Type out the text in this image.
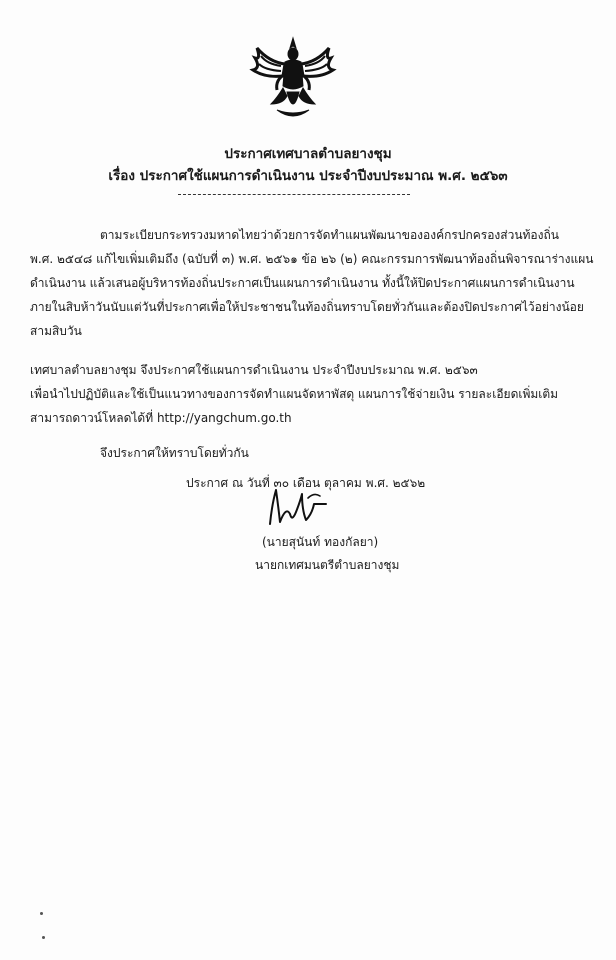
ประกาศเทศบาลตำบลยางชุม
เรื่อง ประกาศใช้แผนการดำเนินงาน ประจำปีงบประมาณ พ.ศ. ๒๕๖๓
ตามระเบียบกระทรวงมหาดไทยว่าด้วยการจัดทำแผนพัฒนาขององค์กรปกครองส่วนท้องถิ่น
พ.ศ. ๒๕๔๘ แก้ไขเพิ่มเติมถึง (ฉบับที่ ๓) พ.ศ. ๒๕๖๑ ข้อ ๒๖ (๒) คณะกรรมการพัฒนาท้องถิ่นพิจารณาร่างแผน
ดำเนินงาน แล้วเสนอผู้บริหารท้องถิ่นประกาศเป็นแผนการดำเนินงาน ทั้งนี้ให้ปิดประกาศแผนการดำเนินงาน
ภายในสิบห้าวันนับแต่วันที่ประกาศเพื่อให้ประชาชนในท้องถิ่นทราบโดยทั่วกันและต้องปิดประกาศไว้อย่างน้อย
สามสิบวัน
เทศบาลตำบลยางชุม จึงประกาศใช้แผนการดำเนินงาน ประจำปีงบประมาณ พ.ศ. ๒๕๖๓
เพื่อนำไปปฏิบัติและใช้เป็นแนวทางของการจัดทำแผนจัดหาพัสดุ แผนการใช้จ่ายเงิน รายละเอียดเพิ่มเติม
สามารถดาวน์โหลดได้ที่ http://yangchum.go.th
จึงประกาศให้ทราบโดยทั่วกัน
ประกาศ ณ วันที่ ๓๐ เดือน ตุลาคม พ.ศ. ๒๕๖๒
(นายสุนันท์ ทองกัลยา)
นายกเทศมนตรีตำบลยางชุม
